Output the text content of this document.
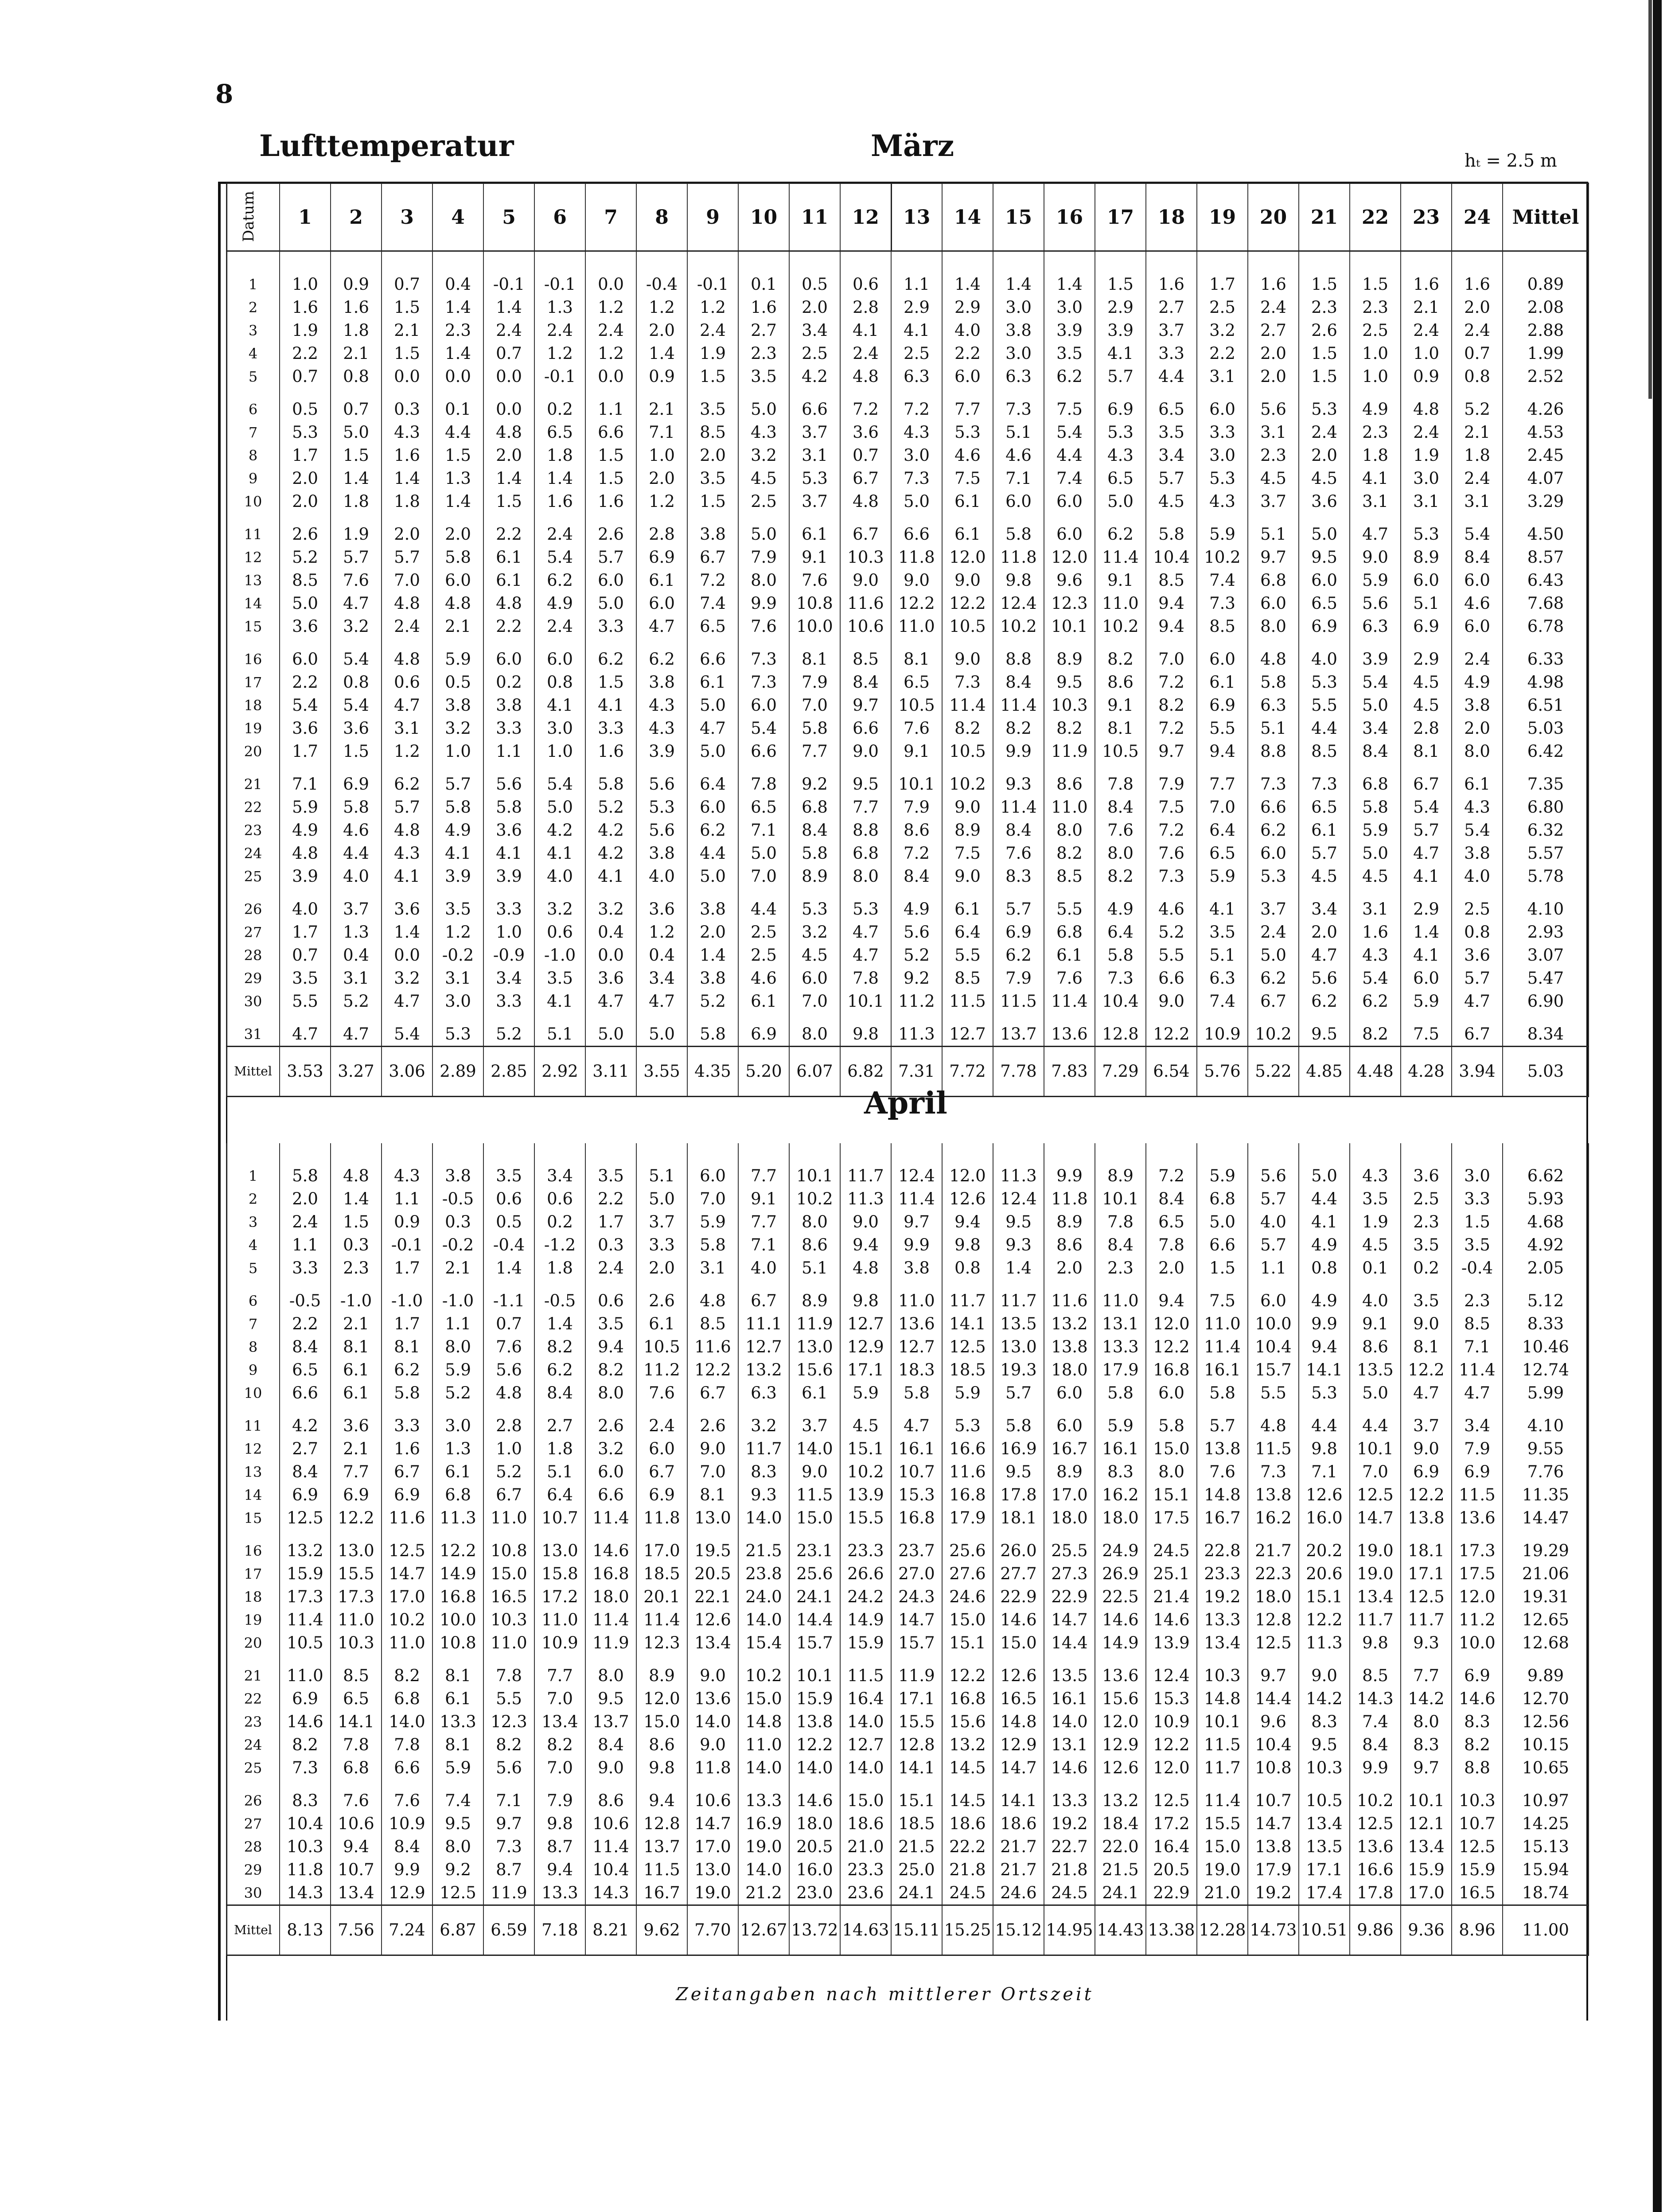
8
Lufttemperatur	März	hₜ = 2.5 m
Datum	1	2	3	4	5	6	7	8	9	10	11	12	13	14	15	16	17	18	19	20	21	22	23	24	Mittel
1	1.0	0.9	0.7	0.4	-0.1	-0.1	0.0	-0.4	-0.1	0.1	0.5	0.6	1.1	1.4	1.4	1.4	1.5	1.6	1.7	1.6	1.5	1.5	1.6	1.6	0.89
2	1.6	1.6	1.5	1.4	1.4	1.3	1.2	1.2	1.2	1.6	2.0	2.8	2.9	2.9	3.0	3.0	2.9	2.7	2.5	2.4	2.3	2.3	2.1	2.0	2.08
3	1.9	1.8	2.1	2.3	2.4	2.4	2.4	2.0	2.4	2.7	3.4	4.1	4.1	4.0	3.8	3.9	3.9	3.7	3.2	2.7	2.6	2.5	2.4	2.4	2.88
4	2.2	2.1	1.5	1.4	0.7	1.2	1.2	1.4	1.9	2.3	2.5	2.4	2.5	2.2	3.0	3.5	4.1	3.3	2.2	2.0	1.5	1.0	1.0	0.7	1.99
5	0.7	0.8	0.0	0.0	0.0	-0.1	0.0	0.9	1.5	3.5	4.2	4.8	6.3	6.0	6.3	6.2	5.7	4.4	3.1	2.0	1.5	1.0	0.9	0.8	2.52
6	0.5	0.7	0.3	0.1	0.0	0.2	1.1	2.1	3.5	5.0	6.6	7.2	7.2	7.7	7.3	7.5	6.9	6.5	6.0	5.6	5.3	4.9	4.8	5.2	4.26
7	5.3	5.0	4.3	4.4	4.8	6.5	6.6	7.1	8.5	4.3	3.7	3.6	4.3	5.3	5.1	5.4	5.3	3.5	3.3	3.1	2.4	2.3	2.4	2.1	4.53
8	1.7	1.5	1.6	1.5	2.0	1.8	1.5	1.0	2.0	3.2	3.1	0.7	3.0	4.6	4.6	4.4	4.3	3.4	3.0	2.3	2.0	1.8	1.9	1.8	2.45
9	2.0	1.4	1.4	1.3	1.4	1.4	1.5	2.0	3.5	4.5	5.3	6.7	7.3	7.5	7.1	7.4	6.5	5.7	5.3	4.5	4.5	4.1	3.0	2.4	4.07
10	2.0	1.8	1.8	1.4	1.5	1.6	1.6	1.2	1.5	2.5	3.7	4.8	5.0	6.1	6.0	6.0	5.0	4.5	4.3	3.7	3.6	3.1	3.1	3.1	3.29
11	2.6	1.9	2.0	2.0	2.2	2.4	2.6	2.8	3.8	5.0	6.1	6.7	6.6	6.1	5.8	6.0	6.2	5.8	5.9	5.1	5.0	4.7	5.3	5.4	4.50
12	5.2	5.7	5.7	5.8	6.1	5.4	5.7	6.9	6.7	7.9	9.1	10.3	11.8	12.0	11.8	12.0	11.4	10.4	10.2	9.7	9.5	9.0	8.9	8.4	8.57
13	8.5	7.6	7.0	6.0	6.1	6.2	6.0	6.1	7.2	8.0	7.6	9.0	9.0	9.0	9.8	9.6	9.1	8.5	7.4	6.8	6.0	5.9	6.0	6.0	6.43
14	5.0	4.7	4.8	4.8	4.8	4.9	5.0	6.0	7.4	9.9	10.8	11.6	12.2	12.2	12.4	12.3	11.0	9.4	7.3	6.0	6.5	5.6	5.1	4.6	7.68
15	3.6	3.2	2.4	2.1	2.2	2.4	3.3	4.7	6.5	7.6	10.0	10.6	11.0	10.5	10.2	10.1	10.2	9.4	8.5	8.0	6.9	6.3	6.9	6.0	6.78
16	6.0	5.4	4.8	5.9	6.0	6.0	6.2	6.2	6.6	7.3	8.1	8.5	8.1	9.0	8.8	8.9	8.2	7.0	6.0	4.8	4.0	3.9	2.9	2.4	6.33
17	2.2	0.8	0.6	0.5	0.2	0.8	1.5	3.8	6.1	7.3	7.9	8.4	6.5	7.3	8.4	9.5	8.6	7.2	6.1	5.8	5.3	5.4	4.5	4.9	4.98
18	5.4	5.4	4.7	3.8	3.8	4.1	4.1	4.3	5.0	6.0	7.0	9.7	10.5	11.4	11.4	10.3	9.1	8.2	6.9	6.3	5.5	5.0	4.5	3.8	6.51
19	3.6	3.6	3.1	3.2	3.3	3.0	3.3	4.3	4.7	5.4	5.8	6.6	7.6	8.2	8.2	8.2	8.1	7.2	5.5	5.1	4.4	3.4	2.8	2.0	5.03
20	1.7	1.5	1.2	1.0	1.1	1.0	1.6	3.9	5.0	6.6	7.7	9.0	9.1	10.5	9.9	11.9	10.5	9.7	9.4	8.8	8.5	8.4	8.1	8.0	6.42
21	7.1	6.9	6.2	5.7	5.6	5.4	5.8	5.6	6.4	7.8	9.2	9.5	10.1	10.2	9.3	8.6	7.8	7.9	7.7	7.3	7.3	6.8	6.7	6.1	7.35
22	5.9	5.8	5.7	5.8	5.8	5.0	5.2	5.3	6.0	6.5	6.8	7.7	7.9	9.0	11.4	11.0	8.4	7.5	7.0	6.6	6.5	5.8	5.4	4.3	6.80
23	4.9	4.6	4.8	4.9	3.6	4.2	4.2	5.6	6.2	7.1	8.4	8.8	8.6	8.9	8.4	8.0	7.6	7.2	6.4	6.2	6.1	5.9	5.7	5.4	6.32
24	4.8	4.4	4.3	4.1	4.1	4.1	4.2	3.8	4.4	5.0	5.8	6.8	7.2	7.5	7.6	8.2	8.0	7.6	6.5	6.0	5.7	5.0	4.7	3.8	5.57
25	3.9	4.0	4.1	3.9	3.9	4.0	4.1	4.0	5.0	7.0	8.9	8.0	8.4	9.0	8.3	8.5	8.2	7.3	5.9	5.3	4.5	4.5	4.1	4.0	5.78
26	4.0	3.7	3.6	3.5	3.3	3.2	3.2	3.6	3.8	4.4	5.3	5.3	4.9	6.1	5.7	5.5	4.9	4.6	4.1	3.7	3.4	3.1	2.9	2.5	4.10
27	1.7	1.3	1.4	1.2	1.0	0.6	0.4	1.2	2.0	2.5	3.2	4.7	5.6	6.4	6.9	6.8	6.4	5.2	3.5	2.4	2.0	1.6	1.4	0.8	2.93
28	0.7	0.4	0.0	-0.2	-0.9	-1.0	0.0	0.4	1.4	2.5	4.5	4.7	5.2	5.5	6.2	6.1	5.8	5.5	5.1	5.0	4.7	4.3	4.1	3.6	3.07
29	3.5	3.1	3.2	3.1	3.4	3.5	3.6	3.4	3.8	4.6	6.0	7.8	9.2	8.5	7.9	7.6	7.3	6.6	6.3	6.2	5.6	5.4	6.0	5.7	5.47
30	5.5	5.2	4.7	3.0	3.3	4.1	4.7	4.7	5.2	6.1	7.0	10.1	11.2	11.5	11.5	11.4	10.4	9.0	7.4	6.7	6.2	6.2	5.9	4.7	6.90
31	4.7	4.7	5.4	5.3	5.2	5.1	5.0	5.0	5.8	6.9	8.0	9.8	11.3	12.7	13.7	13.6	12.8	12.2	10.9	10.2	9.5	8.2	7.5	6.7	8.34
Mittel	3.53	3.27	3.06	2.89	2.85	2.92	3.11	3.55	4.35	5.20	6.07	6.82	7.31	7.72	7.78	7.83	7.29	6.54	5.76	5.22	4.85	4.48	4.28	3.94	5.03
April
1	5.8	4.8	4.3	3.8	3.5	3.4	3.5	5.1	6.0	7.7	10.1	11.7	12.4	12.0	11.3	9.9	8.9	7.2	5.9	5.6	5.0	4.3	3.6	3.0	6.62
2	2.0	1.4	1.1	-0.5	0.6	0.6	2.2	5.0	7.0	9.1	10.2	11.3	11.4	12.6	12.4	11.8	10.1	8.4	6.8	5.7	4.4	3.5	2.5	3.3	5.93
3	2.4	1.5	0.9	0.3	0.5	0.2	1.7	3.7	5.9	7.7	8.0	9.0	9.7	9.4	9.5	8.9	7.8	6.5	5.0	4.0	4.1	1.9	2.3	1.5	4.68
4	1.1	0.3	-0.1	-0.2	-0.4	-1.2	0.3	3.3	5.8	7.1	8.6	9.4	9.9	9.8	9.3	8.6	8.4	7.8	6.6	5.7	4.9	4.5	3.5	3.5	4.92
5	3.3	2.3	1.7	2.1	1.4	1.8	2.4	2.0	3.1	4.0	5.1	4.8	3.8	0.8	1.4	2.0	2.3	2.0	1.5	1.1	0.8	0.1	0.2	-0.4	2.05
6	-0.5	-1.0	-1.0	-1.0	-1.1	-0.5	0.6	2.6	4.8	6.7	8.9	9.8	11.0	11.7	11.7	11.6	11.0	9.4	7.5	6.0	4.9	4.0	3.5	2.3	5.12
7	2.2	2.1	1.7	1.1	0.7	1.4	3.5	6.1	8.5	11.1	11.9	12.7	13.6	14.1	13.5	13.2	13.1	12.0	11.0	10.0	9.9	9.1	9.0	8.5	8.33
8	8.4	8.1	8.1	8.0	7.6	8.2	9.4	10.5	11.6	12.7	13.0	12.9	12.7	12.5	13.0	13.8	13.3	12.2	11.4	10.4	9.4	8.6	8.1	7.1	10.46
9	6.5	6.1	6.2	5.9	5.6	6.2	8.2	11.2	12.2	13.2	15.6	17.1	18.3	18.5	19.3	18.0	17.9	16.8	16.1	15.7	14.1	13.5	12.2	11.4	12.74
10	6.6	6.1	5.8	5.2	4.8	8.4	8.0	7.6	6.7	6.3	6.1	5.9	5.8	5.9	5.7	6.0	5.8	6.0	5.8	5.5	5.3	5.0	4.7	4.7	5.99
11	4.2	3.6	3.3	3.0	2.8	2.7	2.6	2.4	2.6	3.2	3.7	4.5	4.7	5.3	5.8	6.0	5.9	5.8	5.7	4.8	4.4	4.4	3.7	3.4	4.10
12	2.7	2.1	1.6	1.3	1.0	1.8	3.2	6.0	9.0	11.7	14.0	15.1	16.1	16.6	16.9	16.7	16.1	15.0	13.8	11.5	9.8	10.1	9.0	7.9	9.55
13	8.4	7.7	6.7	6.1	5.2	5.1	6.0	6.7	7.0	8.3	9.0	10.2	10.7	11.6	9.5	8.9	8.3	8.0	7.6	7.3	7.1	7.0	6.9	6.9	7.76
14	6.9	6.9	6.9	6.8	6.7	6.4	6.6	6.9	8.1	9.3	11.5	13.9	15.3	16.8	17.8	17.0	16.2	15.1	14.8	13.8	12.6	12.5	12.2	11.5	11.35
15	12.5	12.2	11.6	11.3	11.0	10.7	11.4	11.8	13.0	14.0	15.0	15.5	16.8	17.9	18.1	18.0	18.0	17.5	16.7	16.2	16.0	14.7	13.8	13.6	14.47
16	13.2	13.0	12.5	12.2	10.8	13.0	14.6	17.0	19.5	21.5	23.1	23.3	23.7	25.6	26.0	25.5	24.9	24.5	22.8	21.7	20.2	19.0	18.1	17.3	19.29
17	15.9	15.5	14.7	14.9	15.0	15.8	16.8	18.5	20.5	23.8	25.6	26.6	27.0	27.6	27.7	27.3	26.9	25.1	23.3	22.3	20.6	19.0	17.1	17.5	21.06
18	17.3	17.3	17.0	16.8	16.5	17.2	18.0	20.1	22.1	24.0	24.1	24.2	24.3	24.6	22.9	22.9	22.5	21.4	19.2	18.0	15.1	13.4	12.5	12.0	19.31
19	11.4	11.0	10.2	10.0	10.3	11.0	11.4	11.4	12.6	14.0	14.4	14.9	14.7	15.0	14.6	14.7	14.6	14.6	13.3	12.8	12.2	11.7	11.7	11.2	12.65
20	10.5	10.3	11.0	10.8	11.0	10.9	11.9	12.3	13.4	15.4	15.7	15.9	15.7	15.1	15.0	14.4	14.9	13.9	13.4	12.5	11.3	9.8	9.3	10.0	12.68
21	11.0	8.5	8.2	8.1	7.8	7.7	8.0	8.9	9.0	10.2	10.1	11.5	11.9	12.2	12.6	13.5	13.6	12.4	10.3	9.7	9.0	8.5	7.7	6.9	9.89
22	6.9	6.5	6.8	6.1	5.5	7.0	9.5	12.0	13.6	15.0	15.9	16.4	17.1	16.8	16.5	16.1	15.6	15.3	14.8	14.4	14.2	14.3	14.2	14.6	12.70
23	14.6	14.1	14.0	13.3	12.3	13.4	13.7	15.0	14.0	14.8	13.8	14.0	15.5	15.6	14.8	14.0	12.0	10.9	10.1	9.6	8.3	7.4	8.0	8.3	12.56
24	8.2	7.8	7.8	8.1	8.2	8.2	8.4	8.6	9.0	11.0	12.2	12.7	12.8	13.2	12.9	13.1	12.9	12.2	11.5	10.4	9.5	8.4	8.3	8.2	10.15
25	7.3	6.8	6.6	5.9	5.6	7.0	9.0	9.8	11.8	14.0	14.0	14.0	14.1	14.5	14.7	14.6	12.6	12.0	11.7	10.8	10.3	9.9	9.7	8.8	10.65
26	8.3	7.6	7.6	7.4	7.1	7.9	8.6	9.4	10.6	13.3	14.6	15.0	15.1	14.5	14.1	13.3	13.2	12.5	11.4	10.7	10.5	10.2	10.1	10.3	10.97
27	10.4	10.6	10.9	9.5	9.7	9.8	10.6	12.8	14.7	16.9	18.0	18.6	18.5	18.6	18.6	19.2	18.4	17.2	15.5	14.7	13.4	12.5	12.1	10.7	14.25
28	10.3	9.4	8.4	8.0	7.3	8.7	11.4	13.7	17.0	19.0	20.5	21.0	21.5	22.2	21.7	22.7	22.0	16.4	15.0	13.8	13.5	13.6	13.4	12.5	15.13
29	11.8	10.7	9.9	9.2	8.7	9.4	10.4	11.5	13.0	14.0	16.0	23.3	25.0	21.8	21.7	21.8	21.5	20.5	19.0	17.9	17.1	16.6	15.9	15.9	15.94
30	14.3	13.4	12.9	12.5	11.9	13.3	14.3	16.7	19.0	21.2	23.0	23.6	24.1	24.5	24.6	24.5	24.1	22.9	21.0	19.2	17.4	17.8	17.0	16.5	18.74
Mittel	8.13	7.56	7.24	6.87	6.59	7.18	8.21	9.62	7.70	12.67	13.72	14.63	15.11	15.25	15.12	14.95	14.43	13.38	12.28	14.73	10.51	9.86	9.36	8.96	11.00
Zeitangaben nach mittlerer Ortszeit
